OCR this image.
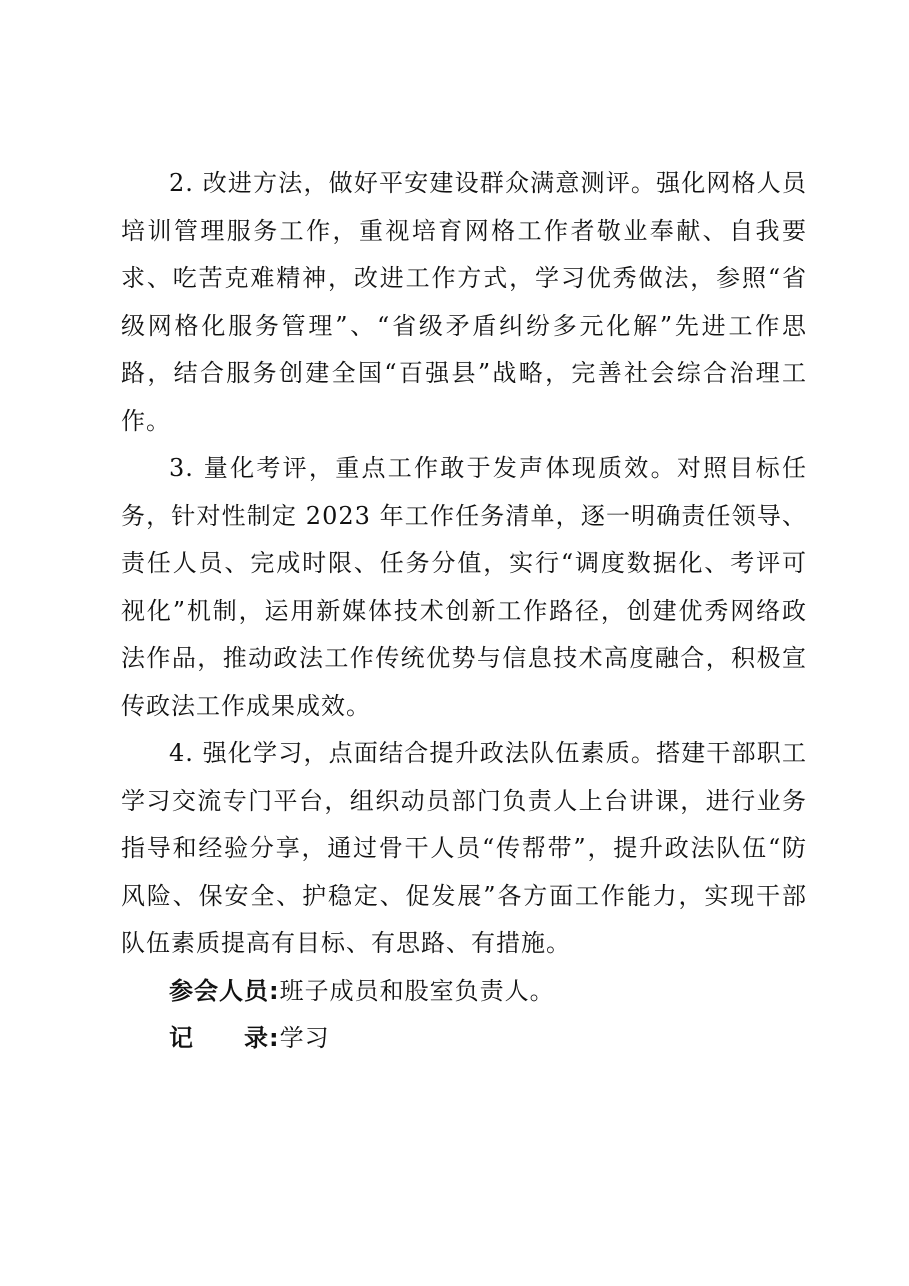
2. 改进方法，做好平安建设群众满意测评。强化网格人员培训管理服务工作，重视培育网格工作者敬业奉献、自我要求、吃苦克难精神，改进工作方式，学习优秀做法，参照“省级网格化服务管理”、“省级矛盾纠纷多元化解”先进工作思路，结合服务创建全国“百强县”战略，完善社会综合治理工作。

3. 量化考评，重点工作敢于发声体现质效。对照目标任务，针对性制定 2023 年工作任务清单，逐一明确责任领导、责任人员、完成时限、任务分值，实行“调度数据化、考评可视化”机制，运用新媒体技术创新工作路径，创建优秀网络政法作品，推动政法工作传统优势与信息技术高度融合，积极宣传政法工作成果成效。

4. 强化学习，点面结合提升政法队伍素质。搭建干部职工学习交流专门平台，组织动员部门负责人上台讲课，进行业务指导和经验分享，通过骨干人员“传帮带”，提升政法队伍“防风险、保安全、护稳定、促发展”各方面工作能力，实现干部队伍素质提高有目标、有思路、有措施。

参会人员:班子成员和股室负责人。

记　　录:学习
